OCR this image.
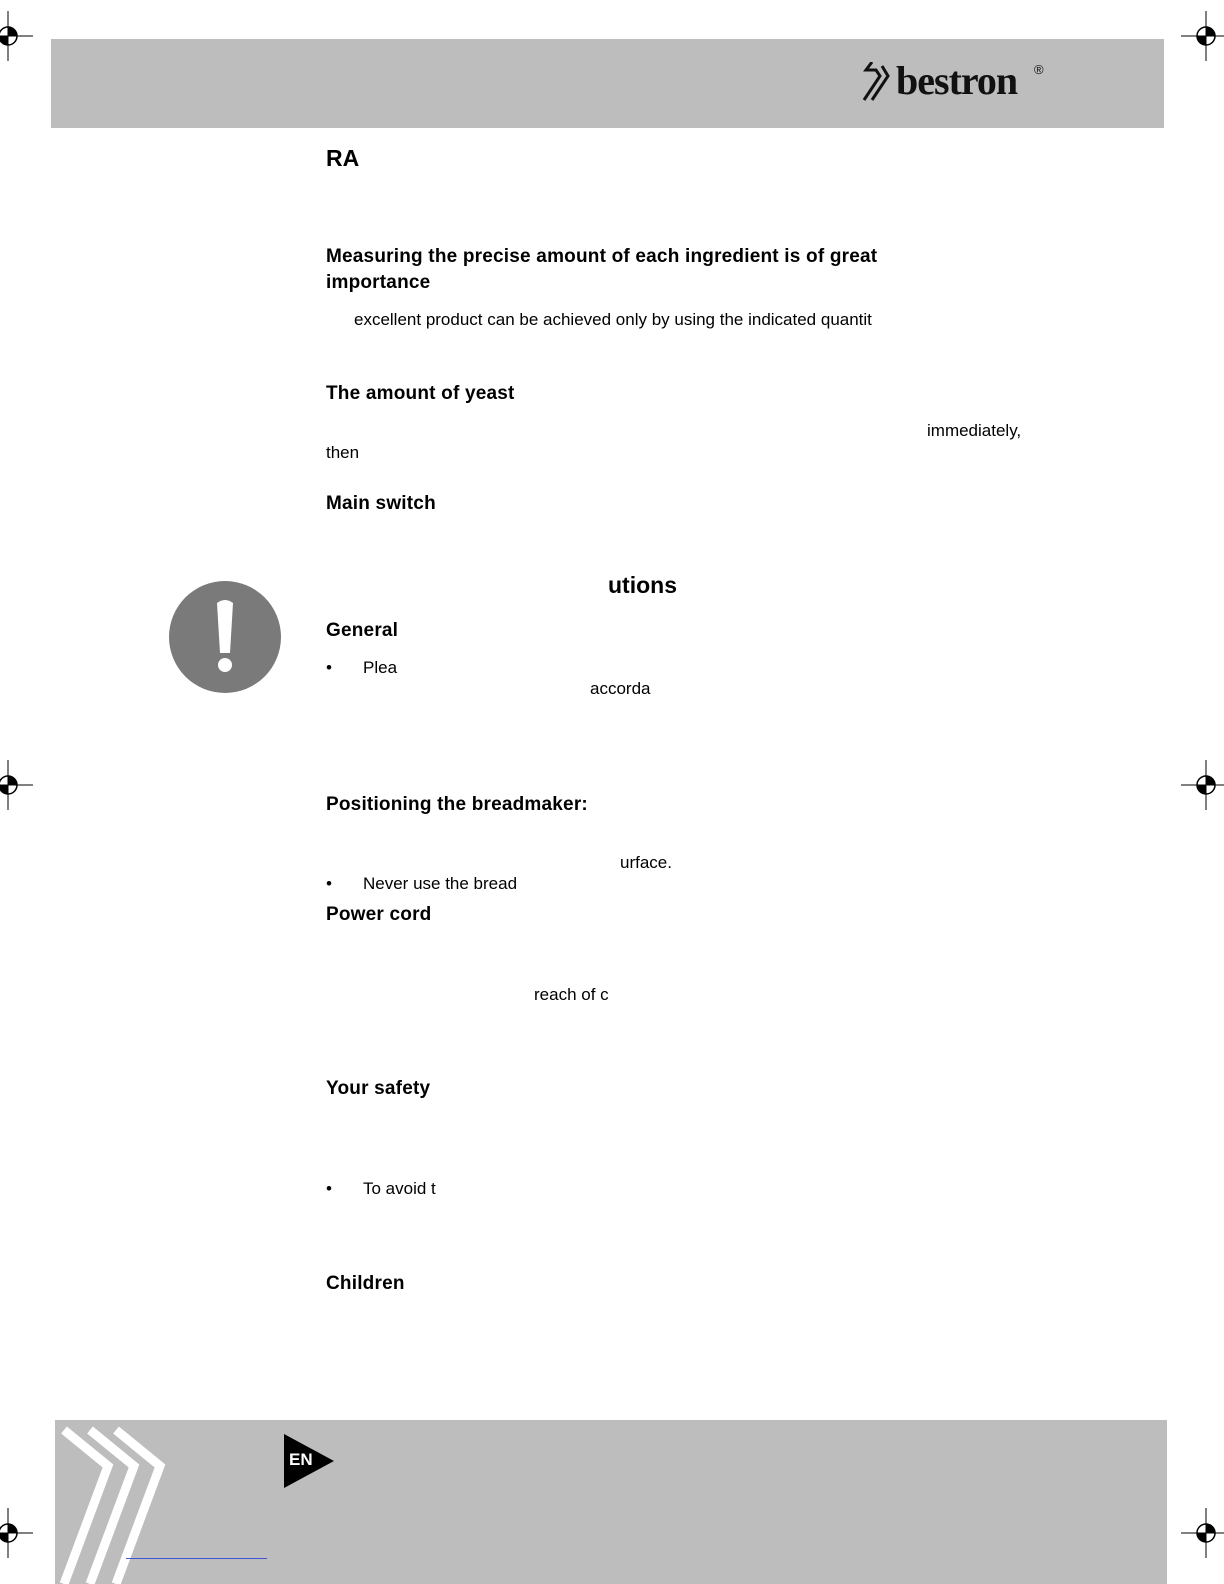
bestron ®
RA
Measuring the precise amount of each ingredient is of great
importance
excellent product can be achieved only by using the indicated quantit
The amount of yeast
immediately,
then
Main switch
utions
General
• Plea
accorda
Positioning the breadmaker:
urface.
• Never use the bread
Power cord
reach of c
Your safety
• To avoid t
Children
EN
